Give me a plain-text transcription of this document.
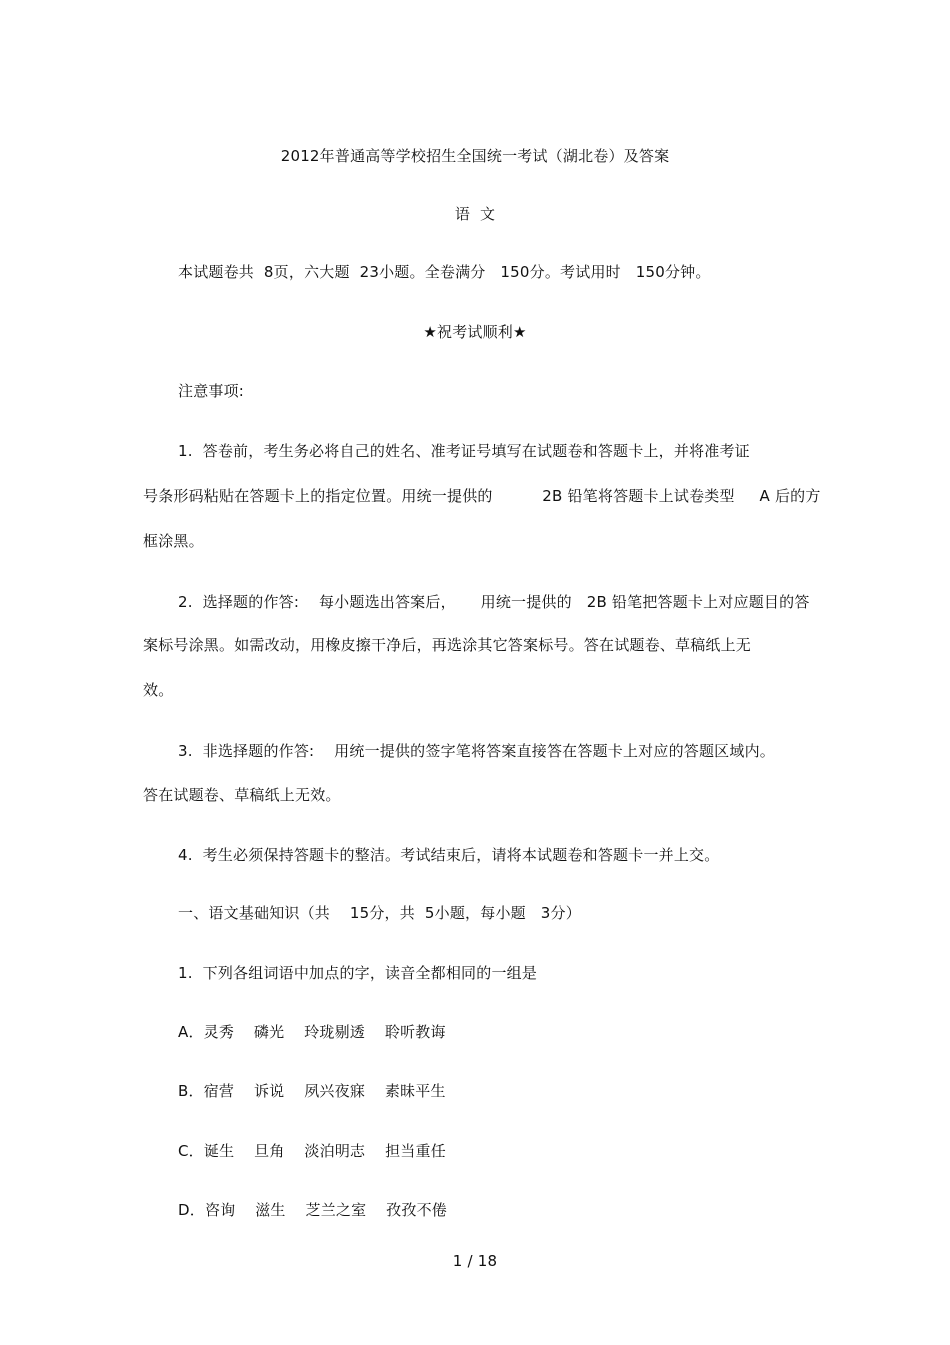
2012年普通高等学校招生全国统一考试（湖北卷）及答案
语  文
本试题卷共  8页，六大题  23小题。全卷满分   150分。考试用时   150分钟。
★祝考试顺利★
注意事项:
1.  答卷前，考生务必将自己的姓名、准考证号填写在试题卷和答题卡上，并将准考证
号条形码粘贴在答题卡上的指定位置。用统一提供的          2B 铅笔将答题卡上试卷类型     A 后的方
框涂黑。
2.  选择题的作答:    每小题选出答案后，     用统一提供的   2B 铅笔把答题卡上对应题目的答
案标号涂黑。如需改动，用橡皮擦干净后，再选涂其它答案标号。答在试题卷、草稿纸上无
效。
3.  非选择题的作答:    用统一提供的签字笔将答案直接答在答题卡上对应的答题区域内。
答在试题卷、草稿纸上无效。
4.  考生必须保持答题卡的整洁。考试结束后，请将本试题卷和答题卡一并上交。
一、语文基础知识（共    15分，共  5小题，每小题   3分）
1.  下列各组词语中加点的字，读音全都相同的一组是
A．灵秀    磷光    玲珑剔透    聆听教诲
B．宿营    诉说    夙兴夜寐    素昧平生
C．诞生    旦角    淡泊明志    担当重任
D．咨询    滋生    芝兰之室    孜孜不倦
1 / 18
